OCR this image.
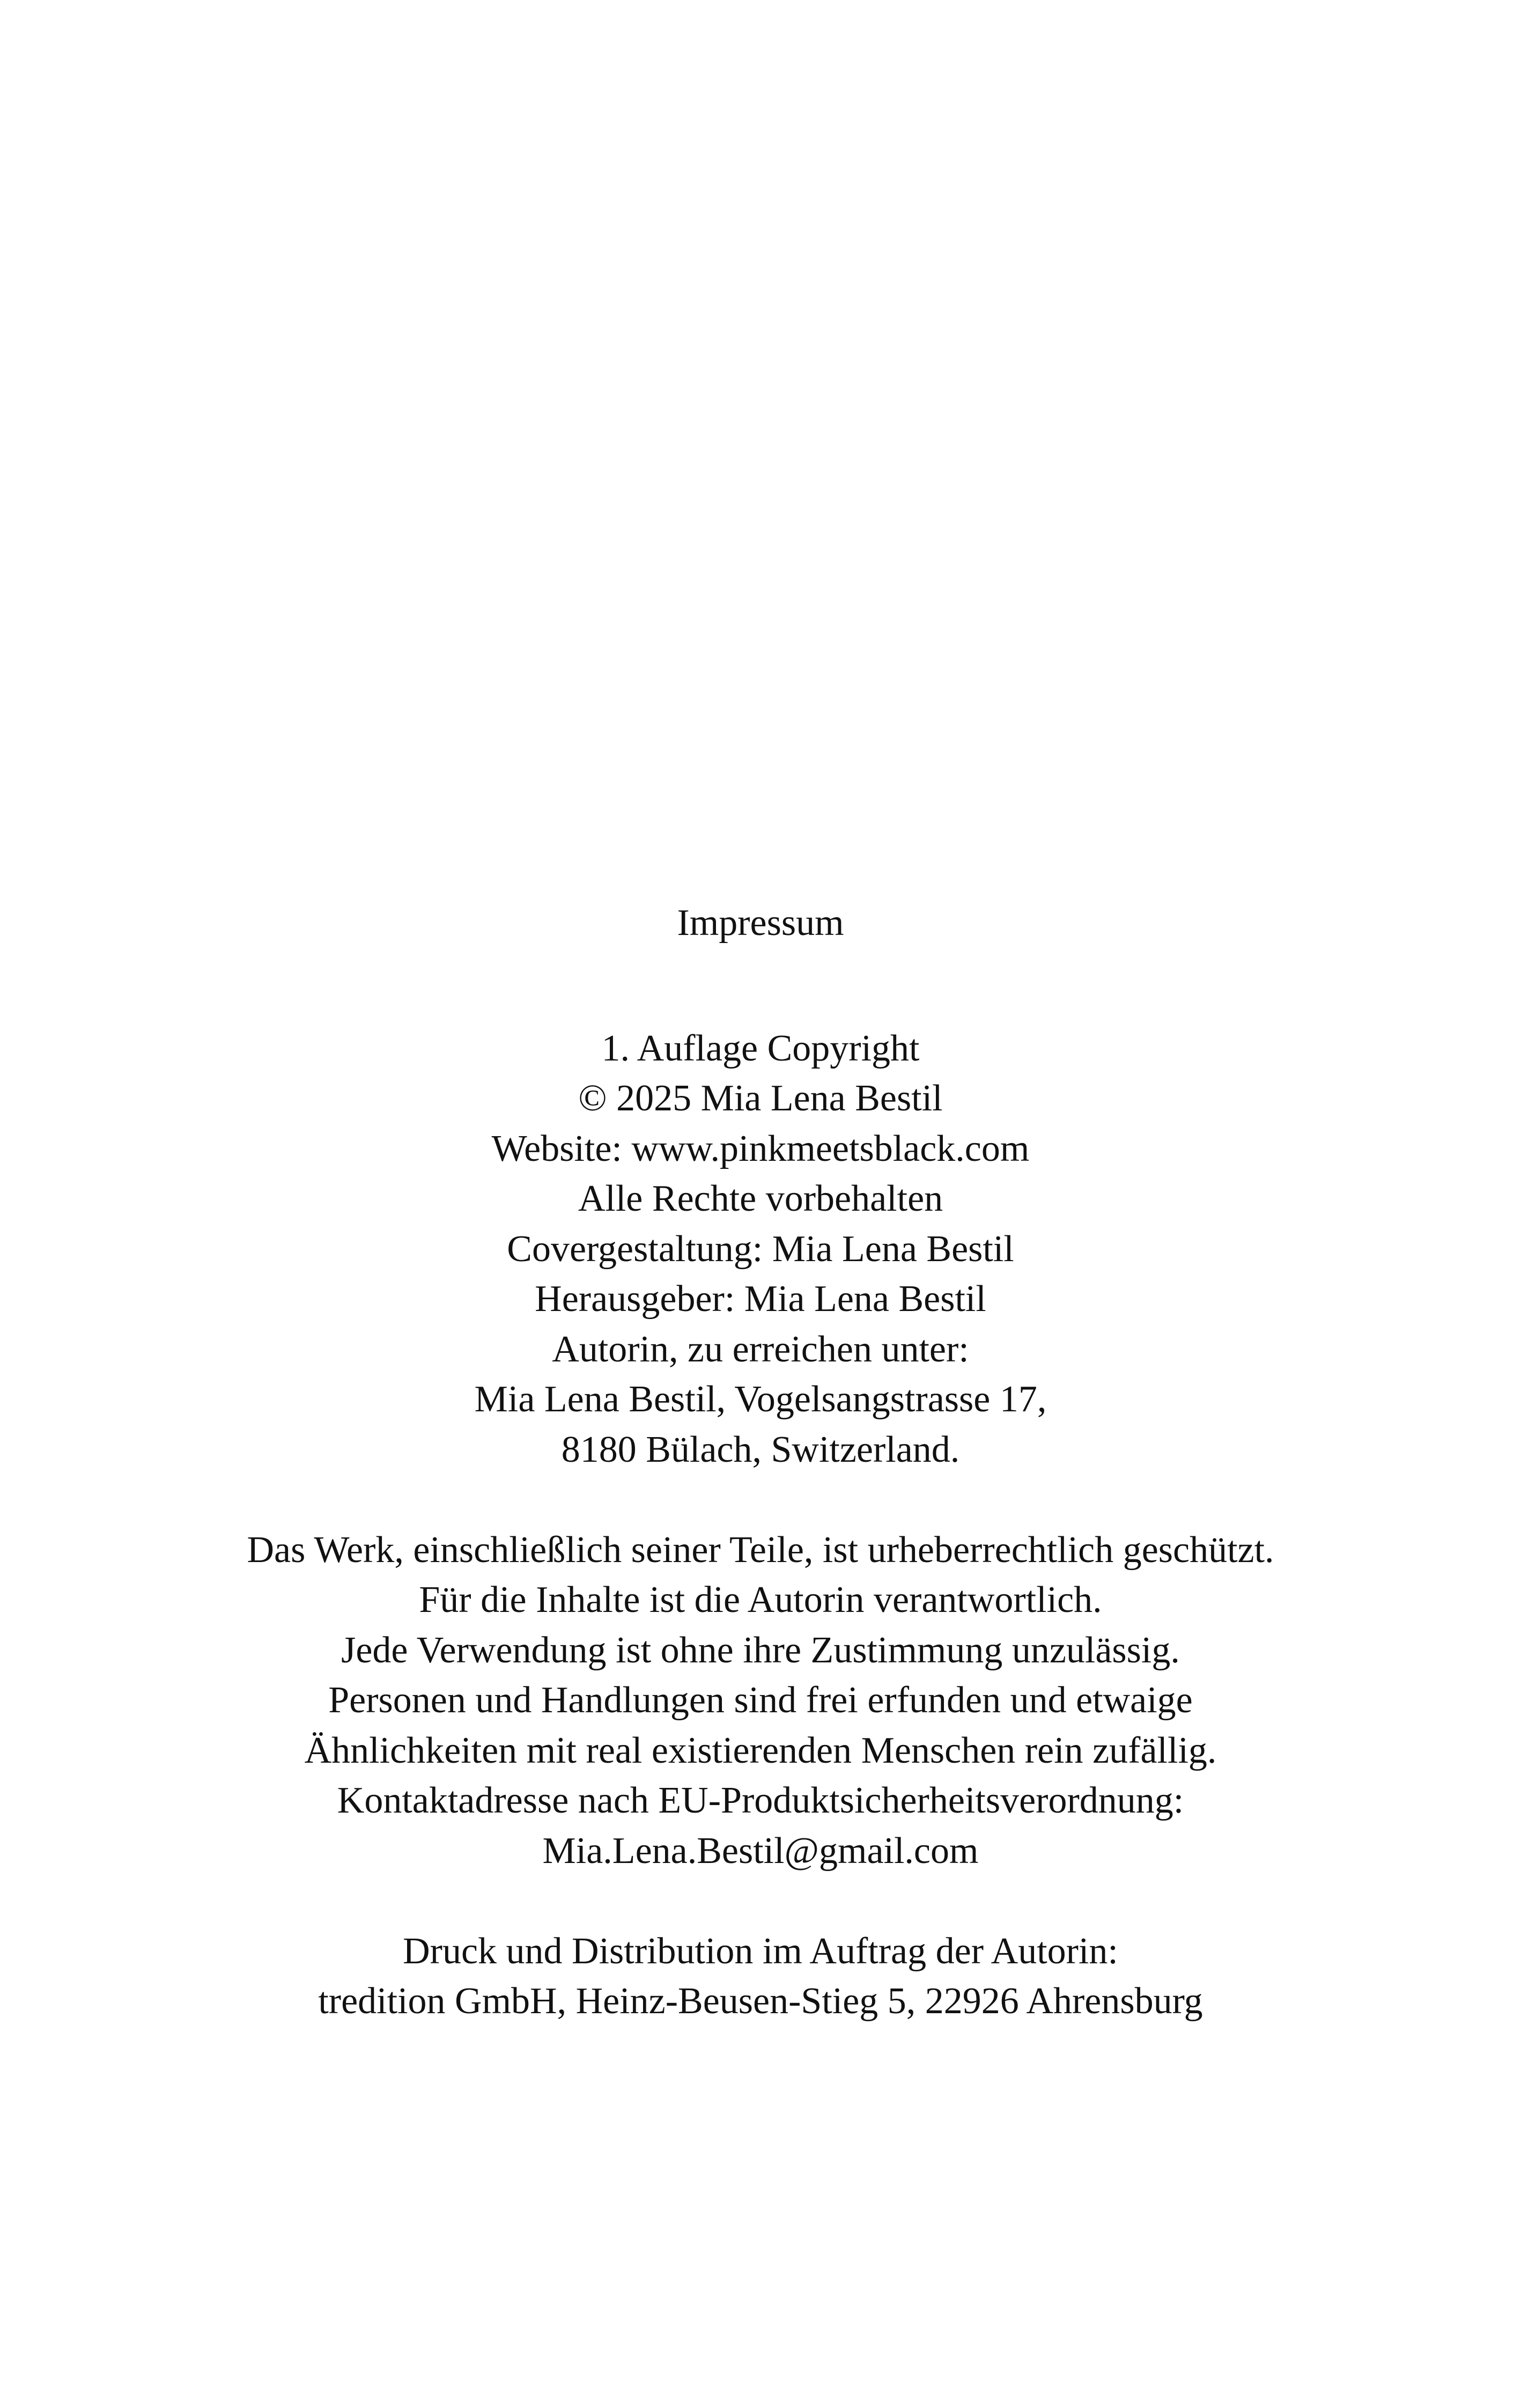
Impressum
1. Auflage Copyright
© 2025 Mia Lena Bestil
Website: www.pinkmeetsblack.com
Alle Rechte vorbehalten
Covergestaltung: Mia Lena Bestil
Herausgeber: Mia Lena Bestil
Autorin, zu erreichen unter:
Mia Lena Bestil, Vogelsangstrasse 17,
8180 Bülach, Switzerland.
Das Werk, einschließlich seiner Teile, ist urheberrechtlich geschützt.
Für die Inhalte ist die Autorin verantwortlich.
Jede Verwendung ist ohne ihre Zustimmung unzulässig.
Personen und Handlungen sind frei erfunden und etwaige
Ähnlichkeiten mit real existierenden Menschen rein zufällig.
Kontaktadresse nach EU-Produktsicherheitsverordnung:
Mia.Lena.Bestil@gmail.com
Druck und Distribution im Auftrag der Autorin:
tredition GmbH, Heinz-Beusen-Stieg 5, 22926 Ahrensburg
